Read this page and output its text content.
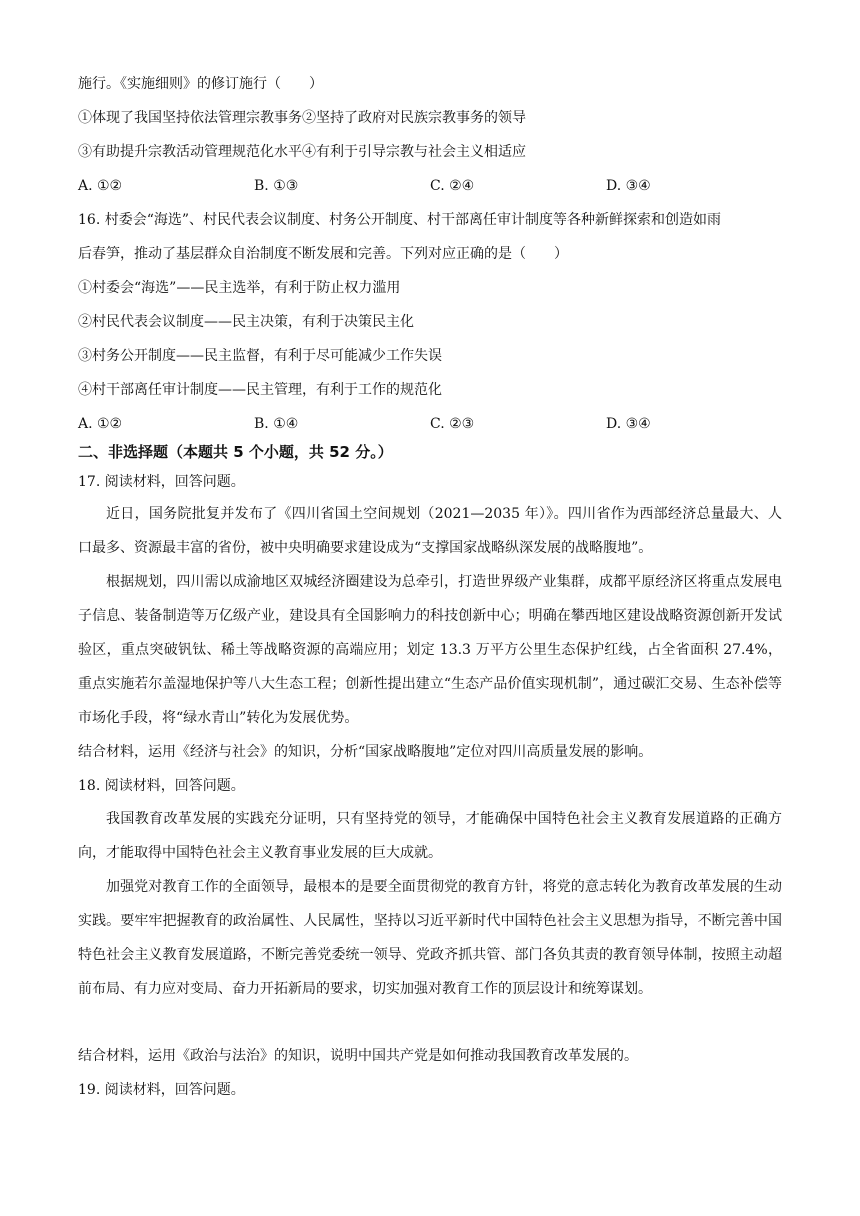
施行。《实施细则》的修订施行（　　）
①体现了我国坚持依法管理宗教事务②坚持了政府对民族宗教事务的领导
③有助提升宗教活动管理规范化水平④有利于引导宗教与社会主义相适应
A. ①②	B. ①③	C. ②④	D. ③④
16. 村委会“海选”、村民代表会议制度、村务公开制度、村干部离任审计制度等各种新鲜探索和创造如雨
后春笋，推动了基层群众自治制度不断发展和完善。下列对应正确的是（　　）
①村委会“海选”——民主选举，有利于防止权力滥用
②村民代表会议制度——民主决策，有利于决策民主化
③村务公开制度——民主监督，有利于尽可能减少工作失误
④村干部离任审计制度——民主管理，有利于工作的规范化
A. ①②	B. ①④	C. ②③	D. ③④
二、非选择题（本题共 5 个小题，共 52 分。）
17. 阅读材料，回答问题。
近日，国务院批复并发布了《四川省国土空间规划（2021—2035 年）》。四川省作为西部经济总量最大、人口最多、资源最丰富的省份，被中央明确要求建设成为“支撑国家战略纵深发展的战略腹地”。
根据规划，四川需以成渝地区双城经济圈建设为总牵引，打造世界级产业集群，成都平原经济区将重点发展电子信息、装备制造等万亿级产业，建设具有全国影响力的科技创新中心；明确在攀西地区建设战略资源创新开发试验区，重点突破钒钛、稀土等战略资源的高端应用；划定 13.3 万平方公里生态保护红线，占全省面积 27.4%，重点实施若尔盖湿地保护等八大生态工程；创新性提出建立“生态产品价值实现机制”，通过碳汇交易、生态补偿等市场化手段，将“绿水青山”转化为发展优势。
结合材料，运用《经济与社会》的知识，分析“国家战略腹地”定位对四川高质量发展的影响。
18. 阅读材料，回答问题。
我国教育改革发展的实践充分证明，只有坚持党的领导，才能确保中国特色社会主义教育发展道路的正确方向，才能取得中国特色社会主义教育事业发展的巨大成就。
加强党对教育工作的全面领导，最根本的是要全面贯彻党的教育方针，将党的意志转化为教育改革发展的生动实践。要牢牢把握教育的政治属性、人民属性，坚持以习近平新时代中国特色社会主义思想为指导，不断完善中国特色社会主义教育发展道路，不断完善党委统一领导、党政齐抓共管、部门各负其责的教育领导体制，按照主动超前布局、有力应对变局、奋力开拓新局的要求，切实加强对教育工作的顶层设计和统筹谋划。
结合材料，运用《政治与法治》的知识，说明中国共产党是如何推动我国教育改革发展的。
19. 阅读材料，回答问题。
